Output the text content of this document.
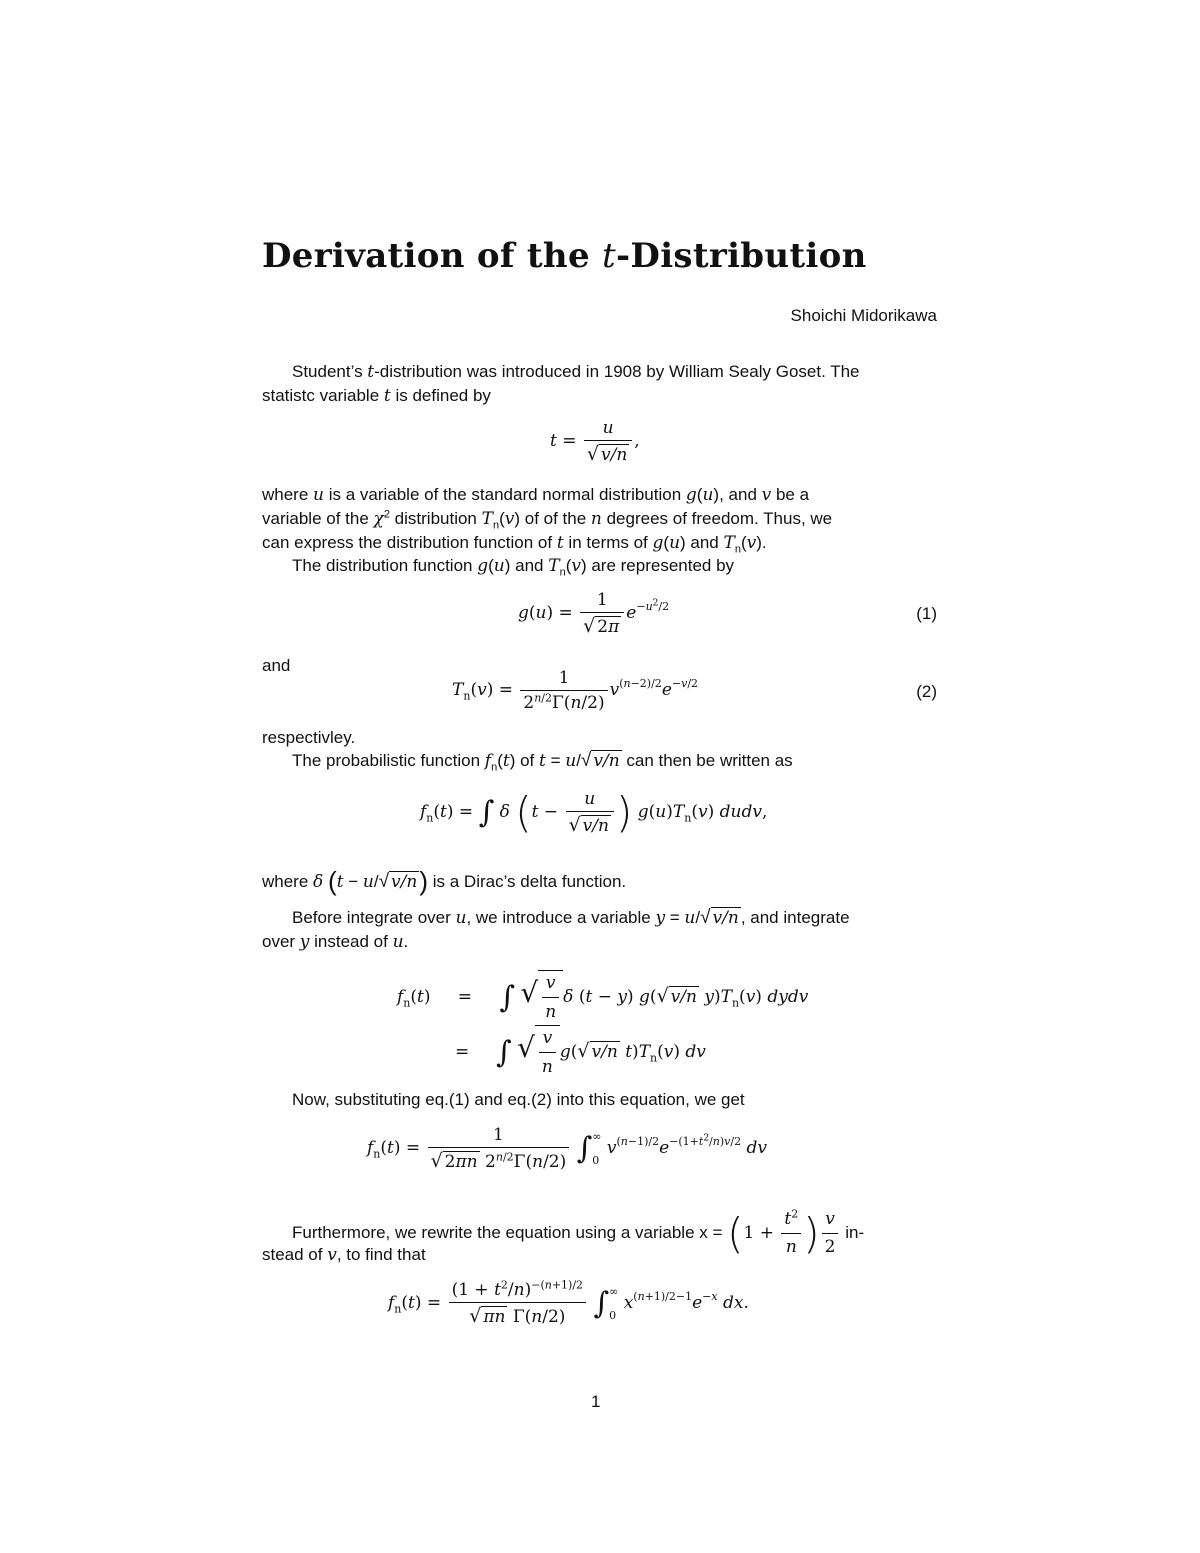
Derivation of the t-Distribution
Shoichi Midorikawa
Student’s t-distribution was introduced in 1908 by William Sealy Goset. The
statistc variable t is defined by
$t = \frac{u}{√ v/n}$ ,
where u is a variable of the standard normal distribution g(u), and v be a
variable of the $\chi^2$ distribution $T_n(v)$ of of the n degrees of freedom. Thus, we
can express the distribution function of t in terms of g(u) and $T_n(v)$.
The distribution function g(u) and $T_n(v)$ are represented by
$g(u) = \frac{1}{√ 2\pi} e^{-u^2/2}$	(1)
and
$T_n(v) = \frac{1}{2^{n/2}\Gamma(n/2)} v^{(n-2)/2}e^{-v/2}$	(2)
respectivley.
The probabilistic function $f_n(t)$ of t = u/√ v/n can then be written as
$f_n(t)$ = ∫ δ ($t - \frac{u}{√ v/n}$ ) $g(u)T_n(v)$ dudv,
where δ (t − u/√ v/n) is a Dirac’s delta function.
Before integrate over u, we introduce a variable y = u/√ v/n , and integrate
over y instead of u.
$f_n(t)$ = ∫ √ $\frac{v}{n}$ δ (t − y) g(√ v/n $y)T_n(v)$ dydv
= ∫ √ $\frac{v}{n} g(√$ v/n $t)T_n(v)$ dv
Now, substituting eq.(1) and eq.(2) into this equation, we get
$f_n(t) = \frac{1}{√ 2\pi n 2^{n/2}\Gamma(n/2)}$ ∫∞

0 $v^{(n-1)/2}e^{-(1+t^2/n)v/2}$ dv
Furthermore, we rewrite the equation using a variable $x = (1 + \frac{t^2}{n}$ ) $\frac{v}{2} in-$
stead of v, to find that
$f_n(t) = \frac{(1 + t^2/n)^{-(n+1)/2}}{\text{√ πn Γ(n/2)}}$ ∫∞

0 $x^{(n+1)/2-1}e^{-x}$ dx.
1
